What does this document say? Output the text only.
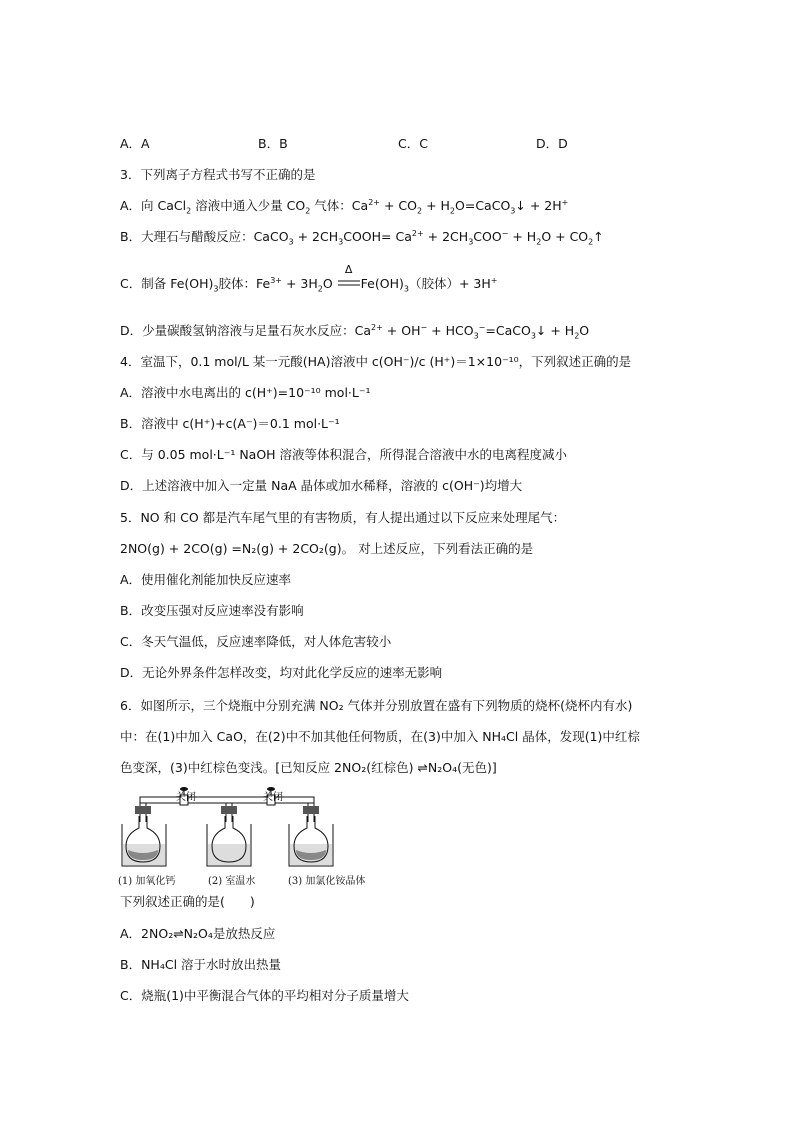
A．A	B．B	C．C	D．D
3．下列离子方程式书写不正确的是
A．向 CaCl$_2$ 溶液中通入少量 $CO_2$ 气体：$Ca^{2+} + CO_2$ + $H_2O=CaCO_3↓ + 2H^+$
B．大理石与醋酸反应：CaCO$_3$ + $2CH_3COOH= Ca^{2+} + 2CH_3COO^- + H_2O$ + $CO_2↑$
C．制备 $Fe(OH)_3$胶体：$Fe^{3+} + 3H_2O$
Δ
$Fe(OH)_3$（胶体）+ 3H+
D．少量碳酸氢钠溶液与足量石灰水反应：$Ca^{2+} + OH^-$ + $HCO_3^-=CaCO_3↓ + H_2O$
4．室温下，0.1 mol/L 某一元酸(HA)溶液中 c(OH⁻)/c (H⁺)＝1×10⁻¹⁰，下列叙述正确的是
A．溶液中水电离出的 c(H⁺)=10⁻¹⁰ mol·L⁻¹
B．溶液中 c(H⁺)+c(A⁻)＝0.1 mol·L⁻¹
C．与 0.05 mol·L⁻¹ NaOH 溶液等体积混合，所得混合溶液中水的电离程度减小
D．上述溶液中加入一定量 NaA 晶体或加水稀释，溶液的 c(OH⁻)均增大
5．NO 和 CO 都是汽车尾气里的有害物质，有人提出通过以下反应来处理尾气：
2NO(g) + 2CO(g) =N₂(g) + 2CO₂(g)。 对上述反应，下列看法正确的是
A．使用催化剂能加快反应速率
B．改变压强对反应速率没有影响
C．冬天气温低，反应速率降低，对人体危害较小
D．无论外界条件怎样改变，均对此化学反应的速率无影响
6．如图所示，三个烧瓶中分别充满 NO₂ 气体并分别放置在盛有下列物质的烧杯(烧杯内有水)
中：在(1)中加入 CaO，在(2)中不加其他任何物质，在(3)中加入 NH₄Cl 晶体，发现(1)中红棕
色变深，(3)中红棕色变浅。[已知反应 2NO₂(红棕色) ⇌N₂O₄(无色)]
关闭	关闭
(1) 加氧化钙	(2) 室温水	(3) 加氯化铵晶体
下列叙述正确的是(　　)
A．2NO₂⇌N₂O₄是放热反应
B．NH₄Cl 溶于水时放出热量
C．烧瓶(1)中平衡混合气体的平均相对分子质量增大
